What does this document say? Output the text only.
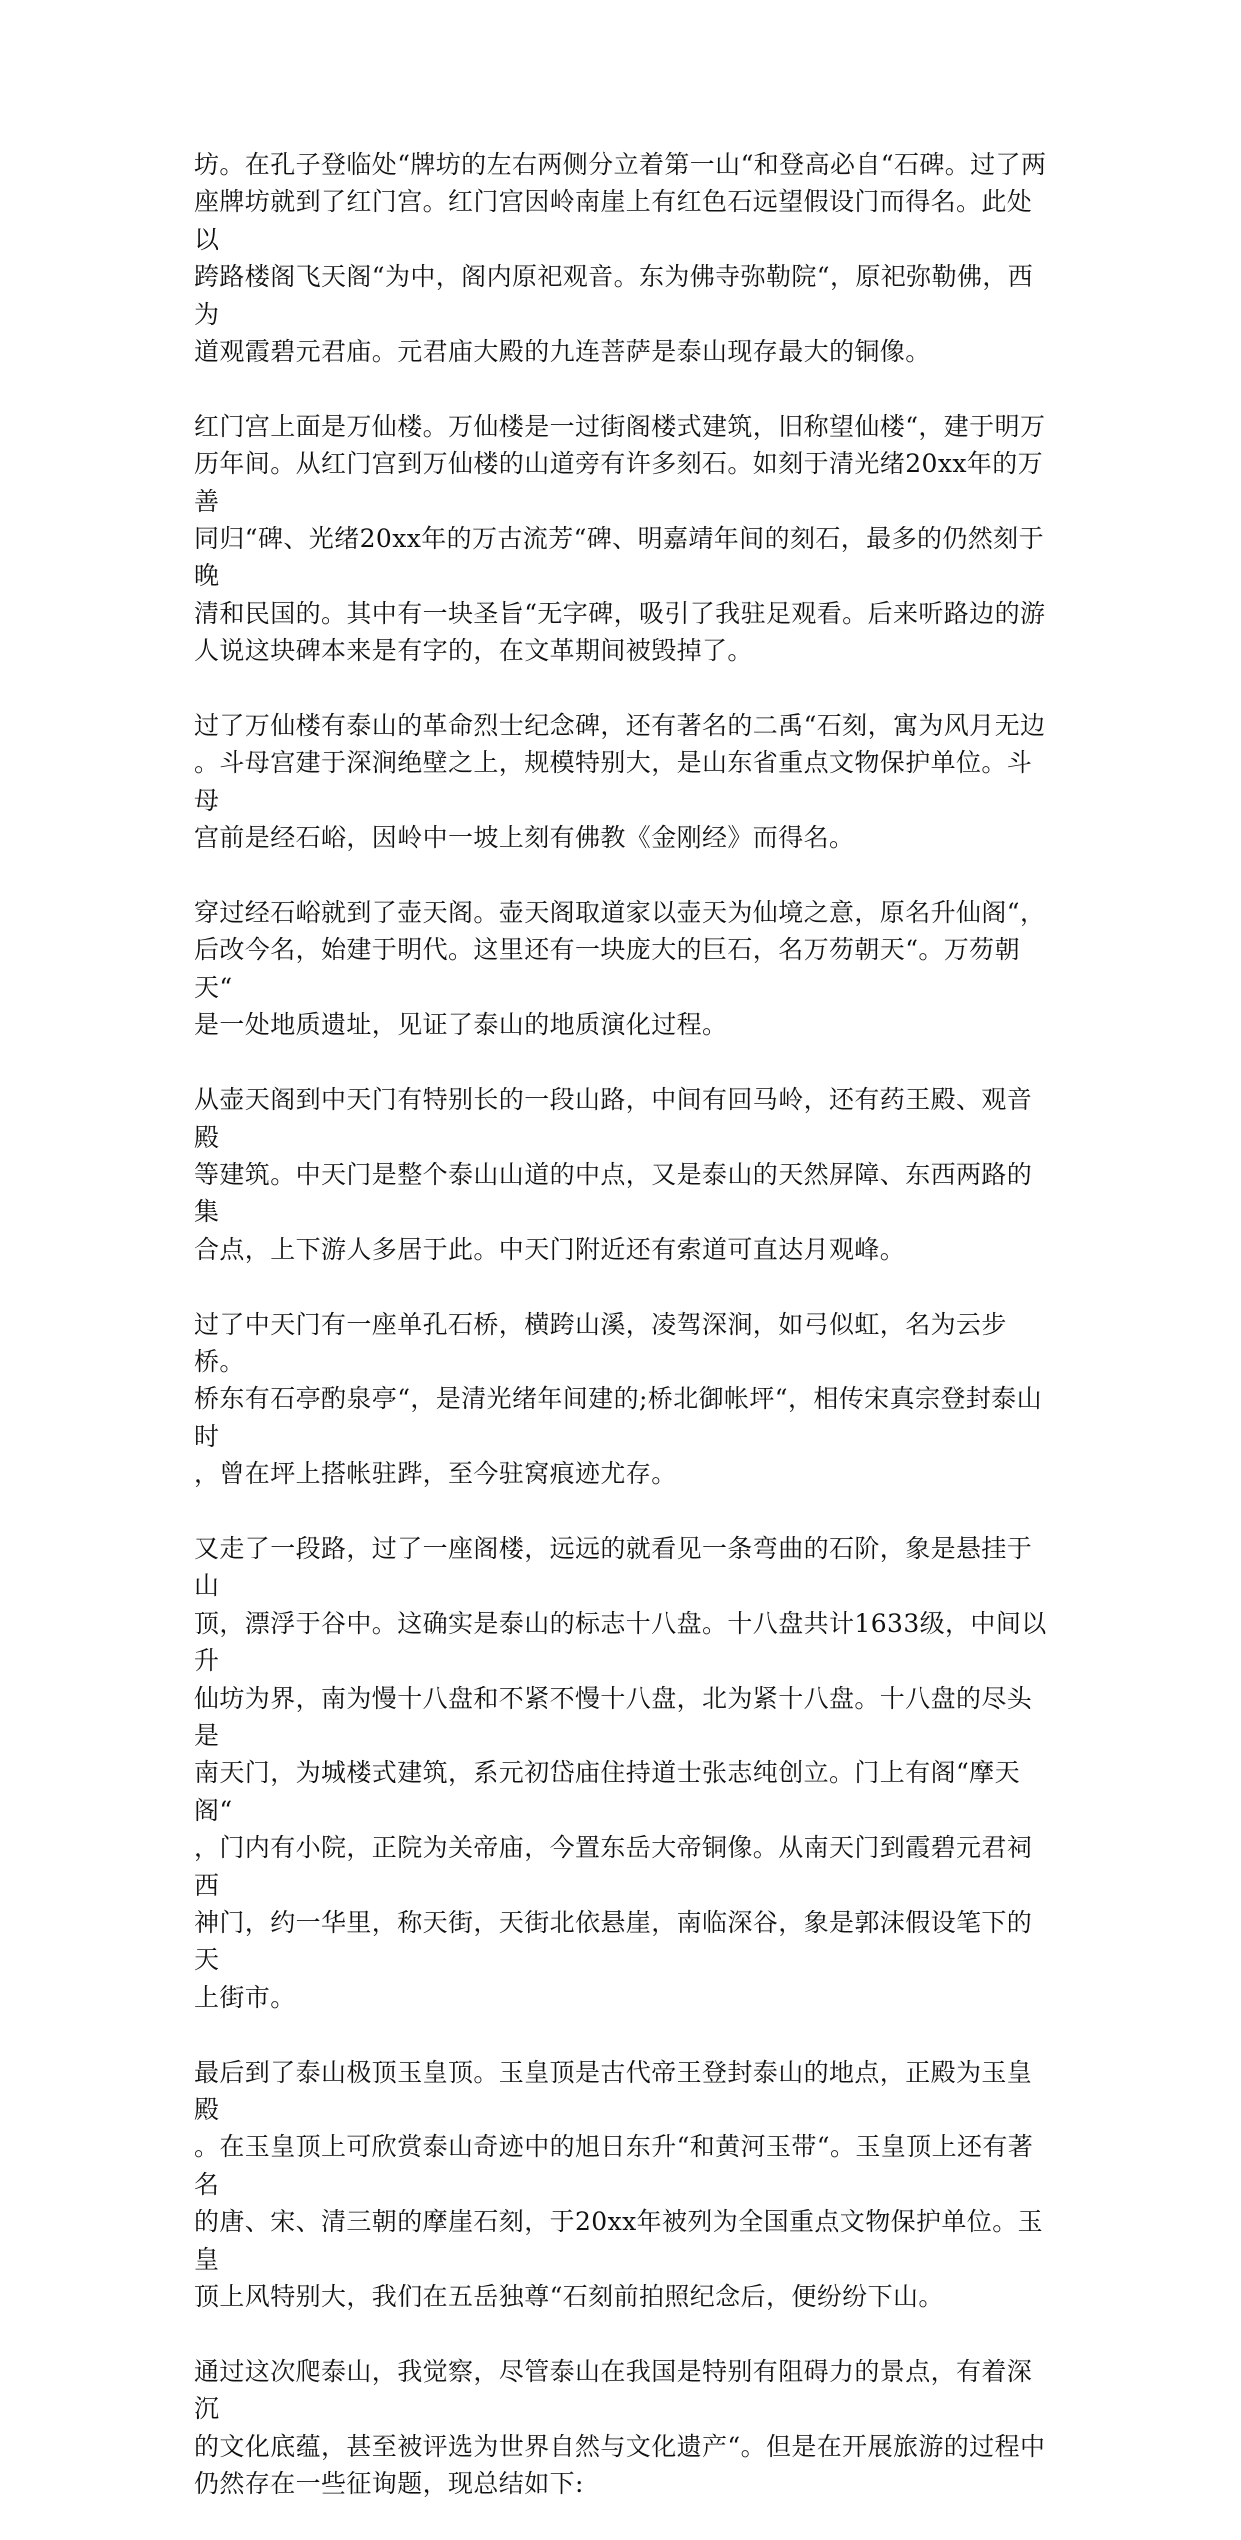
坊。在孔子登临处“牌坊的左右两侧分立着第一山“和登高必自“石碑。过了两
座牌坊就到了红门宫。红门宫因岭南崖上有红色石远望假设门而得名。此处以
跨路楼阁飞天阁“为中，阁内原祀观音。东为佛寺弥勒院“，原祀弥勒佛，西为
道观霞碧元君庙。元君庙大殿的九连菩萨是泰山现存最大的铜像。

红门宫上面是万仙楼。万仙楼是一过街阁楼式建筑，旧称望仙楼“，建于明万
历年间。从红门宫到万仙楼的山道旁有许多刻石。如刻于清光绪20xx年的万善
同归“碑、光绪20xx年的万古流芳“碑、明嘉靖年间的刻石，最多的仍然刻于晚
清和民国的。其中有一块圣旨“无字碑，吸引了我驻足观看。后来听路边的游
人说这块碑本来是有字的，在文革期间被毁掉了。

过了万仙楼有泰山的革命烈士纪念碑，还有著名的二禹“石刻，寓为风月无边
。斗母宫建于深涧绝壁之上，规模特别大，是山东省重点文物保护单位。斗母
宫前是经石峪，因岭中一坡上刻有佛教《金刚经》而得名。

穿过经石峪就到了壶天阁。壶天阁取道家以壶天为仙境之意，原名升仙阁“，
后改今名，始建于明代。这里还有一块庞大的巨石，名万芴朝天“。万芴朝天“
是一处地质遗址，见证了泰山的地质演化过程。

从壶天阁到中天门有特别长的一段山路，中间有回马岭，还有药王殿、观音殿
等建筑。中天门是整个泰山山道的中点，又是泰山的天然屏障、东西两路的集
合点，上下游人多居于此。中天门附近还有索道可直达月观峰。

过了中天门有一座单孔石桥，横跨山溪，凌驾深涧，如弓似虹，名为云步桥。
桥东有石亭酌泉亭“，是清光绪年间建的;桥北御帐坪“，相传宋真宗登封泰山时
，曾在坪上搭帐驻跸，至今驻窝痕迹尤存。

又走了一段路，过了一座阁楼，远远的就看见一条弯曲的石阶，象是悬挂于山
顶，漂浮于谷中。这确实是泰山的标志十八盘。十八盘共计1633级，中间以升
仙坊为界，南为慢十八盘和不紧不慢十八盘，北为紧十八盘。十八盘的尽头是
南天门，为城楼式建筑，系元初岱庙住持道士张志纯创立。门上有阁“摩天阁“
，门内有小院，正院为关帝庙，今置东岳大帝铜像。从南天门到霞碧元君祠西
神门，约一华里，称天街，天街北依悬崖，南临深谷，象是郭沫假设笔下的天
上街市。

最后到了泰山极顶玉皇顶。玉皇顶是古代帝王登封泰山的地点，正殿为玉皇殿
。在玉皇顶上可欣赏泰山奇迹中的旭日东升“和黄河玉带“。玉皇顶上还有著名
的唐、宋、清三朝的摩崖石刻，于20xx年被列为全国重点文物保护单位。玉皇
顶上风特别大，我们在五岳独尊“石刻前拍照纪念后，便纷纷下山。

通过这次爬泰山，我觉察，尽管泰山在我国是特别有阻碍力的景点，有着深沉
的文化底蕴，甚至被评选为世界自然与文化遗产“。但是在开展旅游的过程中
仍然存在一些征询题，现总结如下:
